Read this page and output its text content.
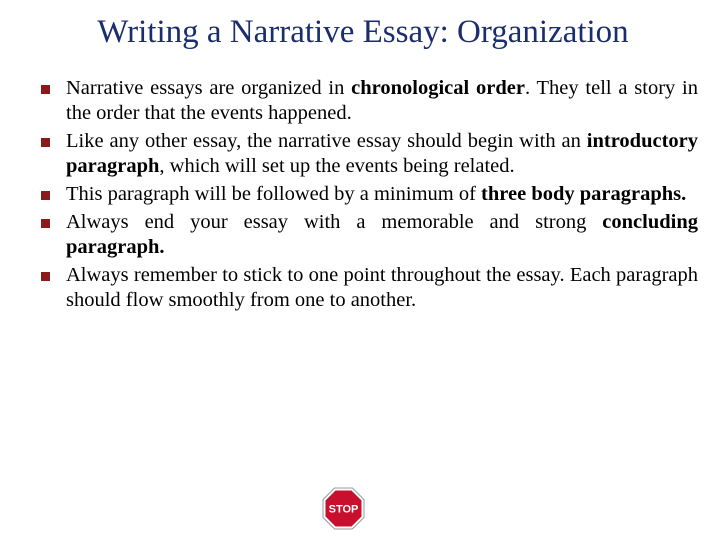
Writing a Narrative Essay: Organization
Narrative essays are organized in chronological order. They tell a story in the order that the events happened.
Like any other essay, the narrative essay should begin with an introductory paragraph, which will set up the events being related.
This paragraph will be followed by a minimum of three body paragraphs.
Always end your essay with a memorable and strong concluding paragraph.
Always remember to stick to one point throughout the essay. Each paragraph should flow smoothly from one to another.
STOP
